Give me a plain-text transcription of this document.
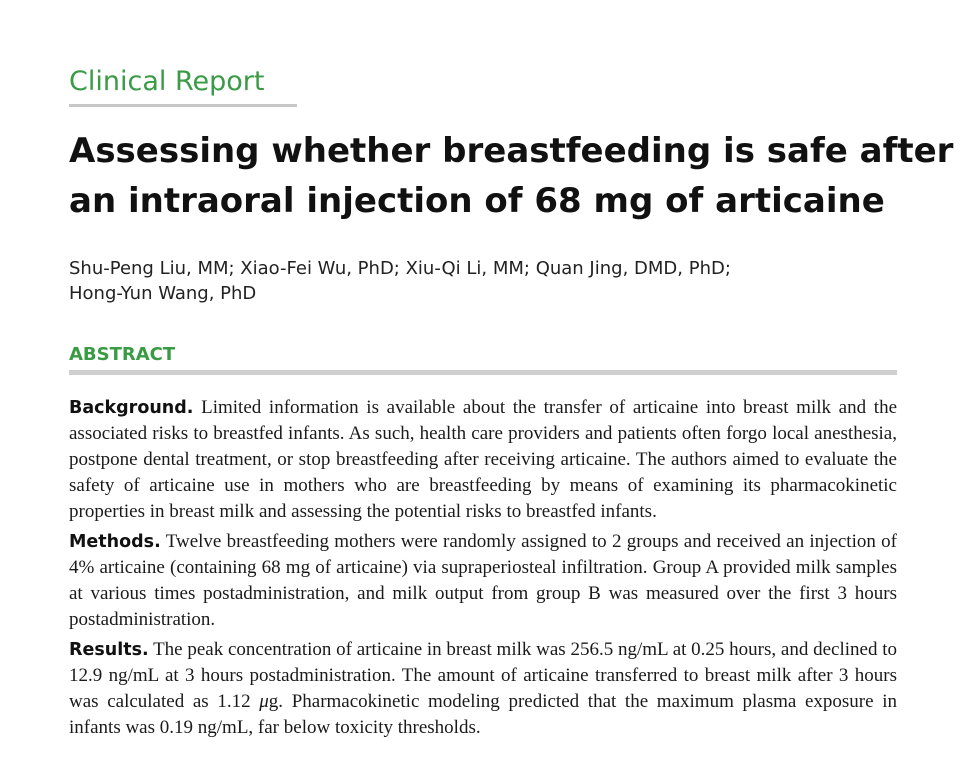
Clinical Report
Assessing whether breastfeeding is safe after
an intraoral injection of 68 mg of articaine
Shu-Peng Liu, MM; Xiao-Fei Wu, PhD; Xiu-Qi Li, MM; Quan Jing, DMD, PhD;
Hong-Yun Wang, PhD
ABSTRACT

Background. Limited information is available about the transfer of articaine into breast milk and the associated risks to breastfed infants. As such, health care providers and patients often forgo local anesthesia, postpone dental treatment, or stop breastfeeding after receiving articaine. The authors aimed to evaluate the safety of articaine use in mothers who are breastfeeding by means of examining its pharmacokinetic properties in breast milk and assessing the potential risks to breastfed infants.

Methods. Twelve breastfeeding mothers were randomly assigned to 2 groups and received an injection of 4% articaine (containing 68 mg of articaine) via supraperiosteal infiltration. Group A provided milk samples at various times postadministration, and milk output from group B was measured over the first 3 hours postadministration.

Results. The peak concentration of articaine in breast milk was 256.5 ng/mL at 0.25 hours, and declined to 12.9 ng/mL at 3 hours postadministration. The amount of articaine transferred to breast milk after 3 hours was calculated as 1.12 μg. Pharmacokinetic modeling predicted that the maximum plasma exposure in infants was 0.19 ng/mL, far below toxicity thresholds.
